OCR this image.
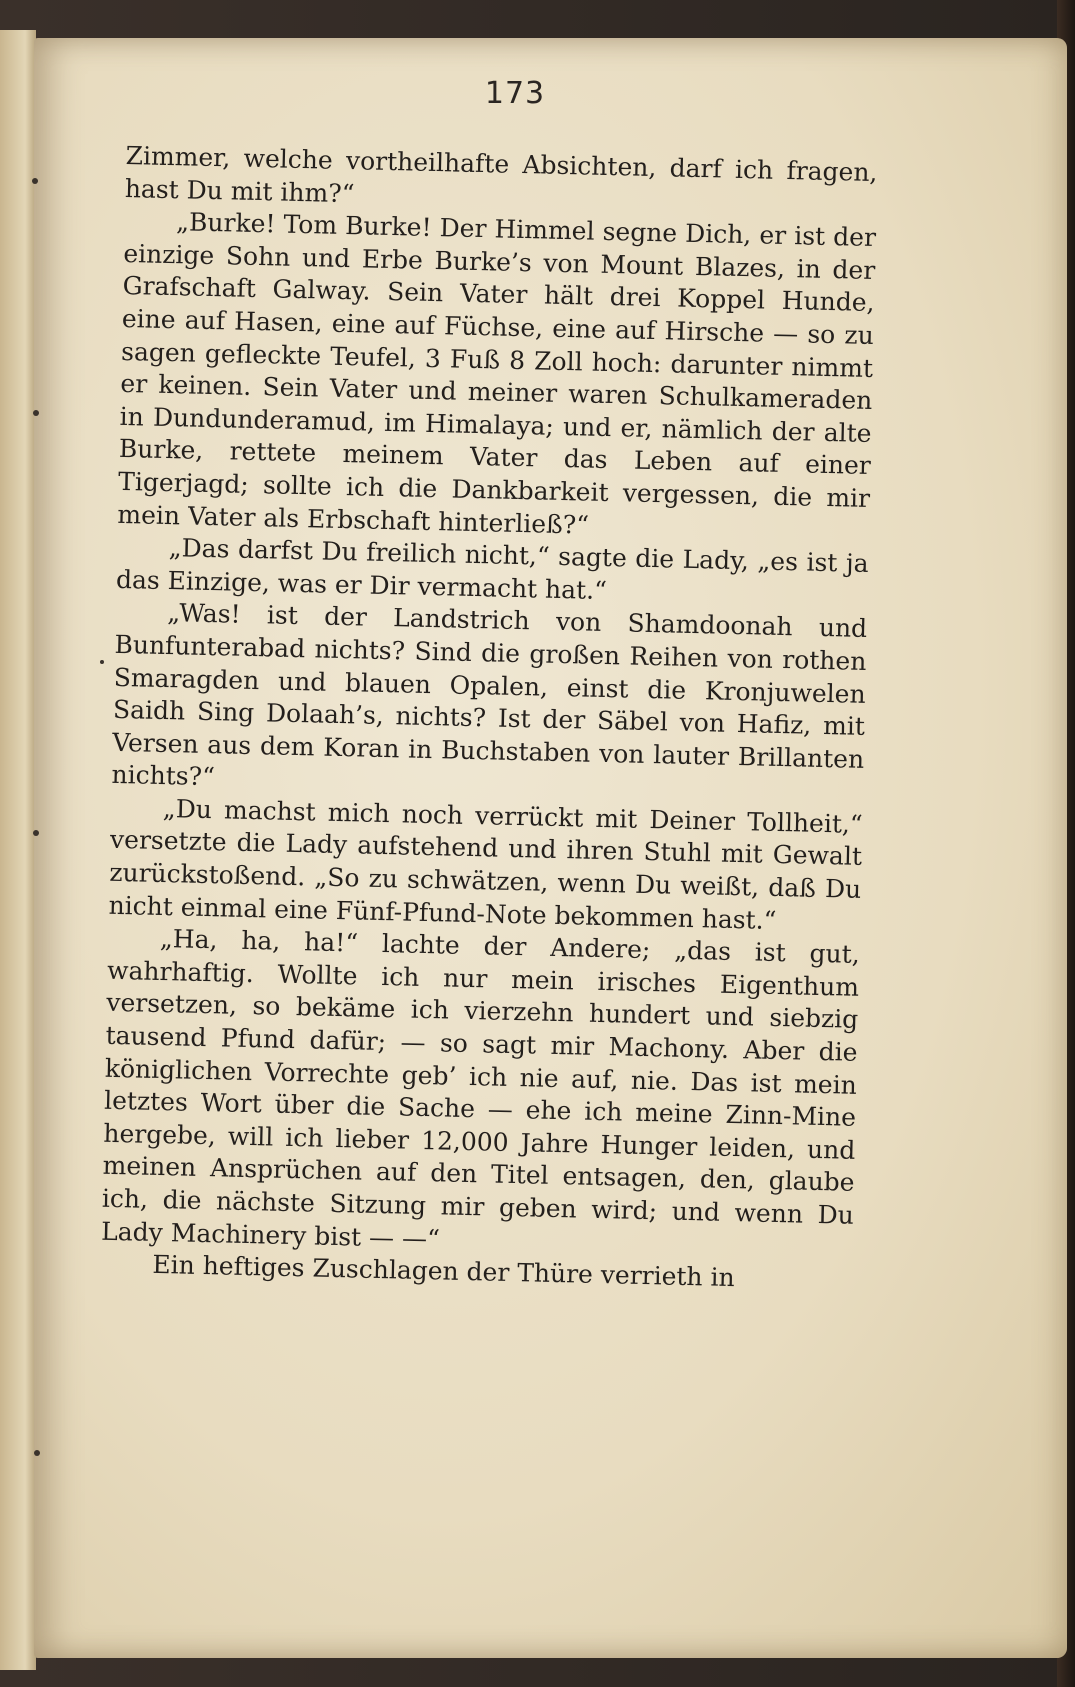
173

Zimmer, welche vortheilhafte Absichten, darf ich fragen, hast Du mit ihm?“

„Burke! Tom Burke! Der Himmel segne Dich, er ist der einzige Sohn und Erbe Burke’s von Mount Blazes, in der Grafschaft Galway. Sein Vater hält drei Koppel Hunde, eine auf Hasen, eine auf Füchse, eine auf Hirsche — so zu sagen gefleckte Teufel, 3 Fuß 8 Zoll hoch: darunter nimmt er keinen. Sein Vater und meiner waren Schulkameraden in Dundunderamud, im Himalaya; und er, nämlich der alte Burke, rettete meinem Vater das Leben auf einer Tigerjagd; sollte ich die Dankbarkeit vergessen, die mir mein Vater als Erbschaft hinterließ?“

„Das darfst Du freilich nicht,“ sagte die Lady, „es ist ja das Einzige, was er Dir vermacht hat.“

„Was! ist der Landstrich von Shamdoonah und Bunfunterabad nichts? Sind die großen Reihen von rothen Smaragden und blauen Opalen, einst die Kronjuwelen Saidh Sing Dolaah’s, nichts? Ist der Säbel von Hafiz, mit Versen aus dem Koran in Buchstaben von lauter Brillanten nichts?“

„Du machst mich noch verrückt mit Deiner Tollheit,“ versetzte die Lady aufstehend und ihren Stuhl mit Gewalt zurückstoßend. „So zu schwätzen, wenn Du weißt, daß Du nicht einmal eine Fünf-Pfund-Note bekommen hast.“

„Ha, ha, ha!“ lachte der Andere; „das ist gut, wahrhaftig. Wollte ich nur mein irisches Eigenthum versetzen, so bekäme ich vierzehn hundert und siebzig tausend Pfund dafür; — so sagt mir Machony. Aber die königlichen Vorrechte geb’ ich nie auf, nie. Das ist mein letztes Wort über die Sache — ehe ich meine Zinn-Mine hergebe, will ich lieber 12,000 Jahre Hunger leiden, und meinen Ansprüchen auf den Titel entsagen, den, glaube ich, die nächste Sitzung mir geben wird; und wenn Du Lady Machinery bist — —“

Ein heftiges Zuschlagen der Thüre verrieth in
